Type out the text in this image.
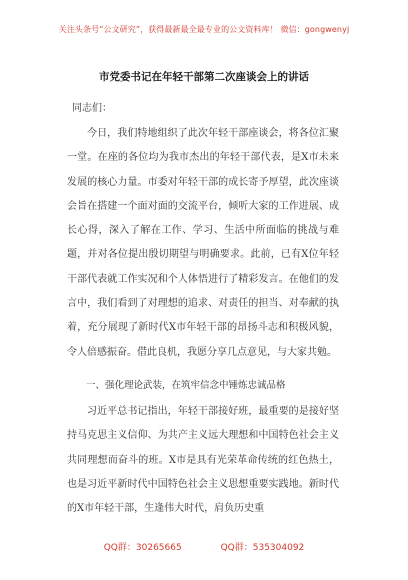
关注头条号“公文研究”，获得最新最全最专业的公文资料库！ 微信：gongwenyj
市党委书记在年轻干部第二次座谈会上的讲话
同志们：

今日，我们特地组织了此次年轻干部座谈会，将各位汇聚一堂。在座的各位均为我市杰出的年轻干部代表，是X市未来发展的核心力量。市委对年轻干部的成长寄予厚望，此次座谈会旨在搭建一个面对面的交流平台，倾听大家的工作进展、成长心得，深入了解在工作、学习、生活中所面临的挑战与难题，并对各位提出殷切期望与明确要求。此前，已有X位年轻干部代表就工作实况和个人体悟进行了精彩发言。在他们的发言中，我们看到了对理想的追求、对责任的担当、对奉献的执着，充分展现了新时代X市年轻干部的昂扬斗志和积极风貌，令人倍感振奋。借此良机，我愿分享几点意见，与大家共勉。

一、强化理论武装，在筑牢信念中锤炼忠诚品格

习近平总书记指出，年轻干部接好班，最重要的是接好坚持马克思主义信仰、为共产主义远大理想和中国特色社会主义共同理想而奋斗的班。X市是具有光荣革命传统的红色热土，也是习近平新时代中国特色社会主义思想重要实践地。新时代的X市年轻干部，生逢伟大时代，肩负历史重

QQ群：30265665	QQ群：535304092
